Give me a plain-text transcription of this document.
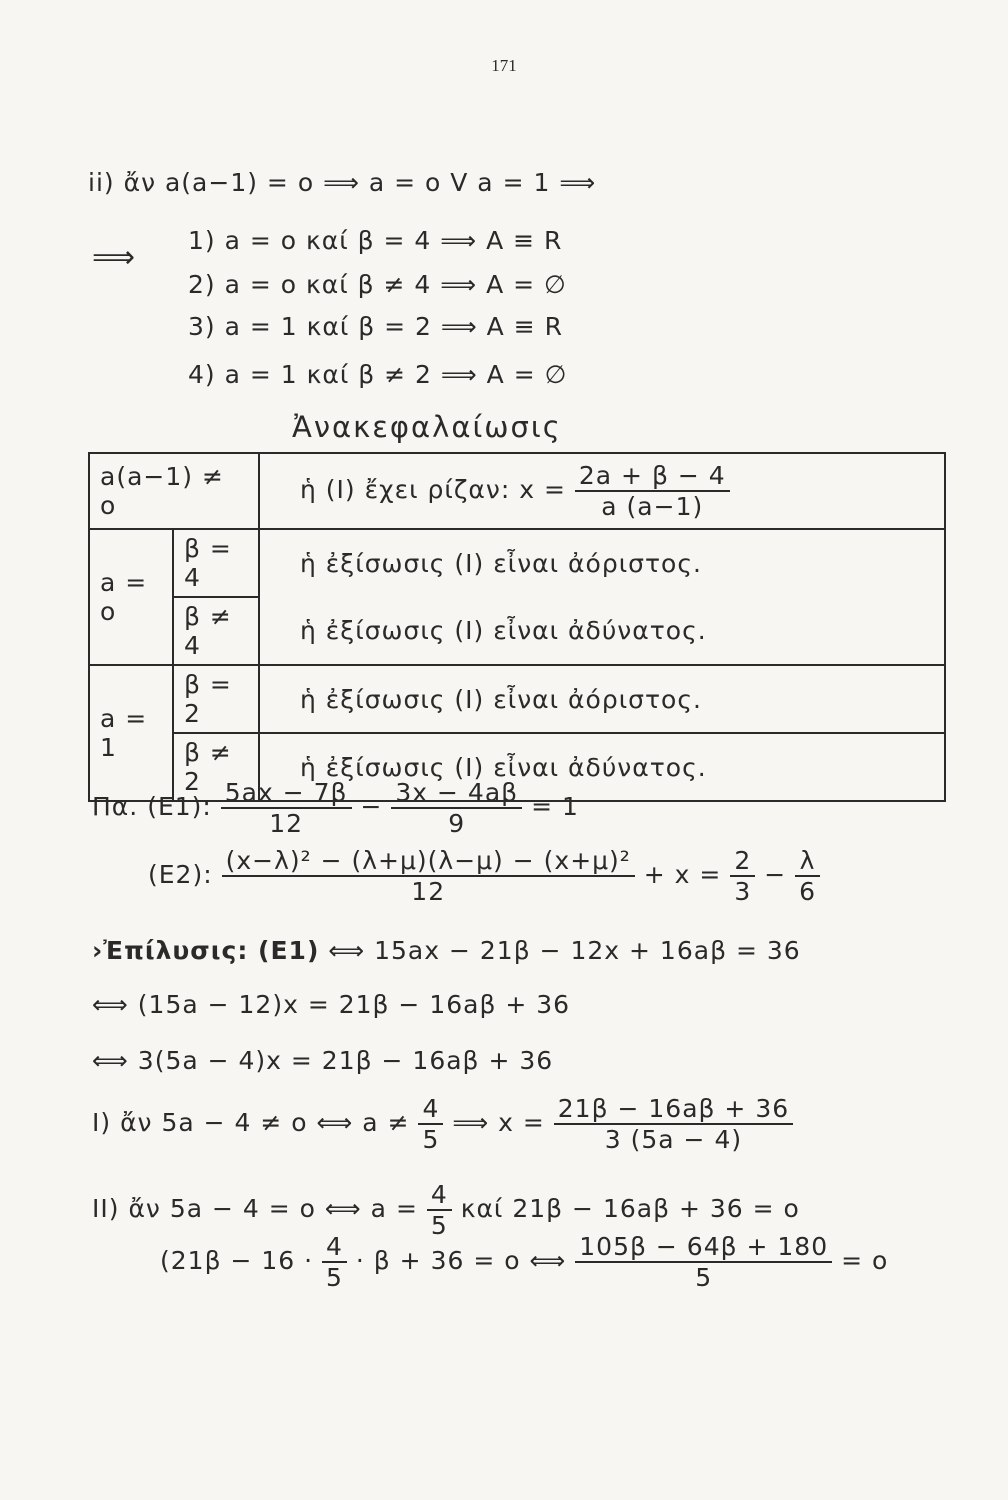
171
ii) ἄν a(a−1) = o ⟹ a = o V a = 1 ⟹
⟹ 1) a = o καί β = 4 ⟹ A ≡ R
2) a = o καί β ≠ 4 ⟹ A = ∅
3) a = 1 καί β = 2 ⟹ A ≡ R
4) a = 1 καί β ≠ 2 ⟹ A = ∅
Ἀνακεφαλαίωσις
a(a−1) ≠ o		ἡ (I) ἔχει ρίζαν: $x = \frac{2a + \beta - 4}{a (a-1)}$

a = o	β = 4	ἡ ἐξίσωσις (I) εἶναι ἀόριστος.
	β ≠ 4	ἡ ἐξίσωσις (I) εἶναι ἀδύνατος.
a = 1	β = 2	ἡ ἐξίσωσις (I) εἶναι ἀόριστος.
	β ≠ 2	ἡ ἐξίσωσις (I) εἶναι ἀδύνατος.
Πα. (E1): $\frac{5ax - 7\beta}{12} - \frac{3x - 4a\beta}{9} = 1$
(E2): $\frac{\text{(x−λ)² − (λ+μ)(λ−μ) − (x+μ)²}}{12} + x = \frac{2}{3} - \frac{\lambda}{6}$
›Ἐπίλυσις: (E1) ⟺ 15ax − 21β − 12x + 16aβ = 36
⟺ (15a − 12)x = 21β − 16aβ + 36
⟺ 3(5a − 4)x = 21β − 16aβ + 36
I) ἄν 5a − 4 ≠ o ⟺ $a \ne \frac{4}{5}$ ⟹ $x = \frac{21\beta - 16a\beta + 36}{3 (5a - 4)}$
II) ἄν 5a − 4 = o ⟺ $a = \frac{4}{5}$ καί 21β − 16aβ + 36 = o
($21\beta - 16 \cdot \frac{4}{5} \cdot \beta + 36 = o$ ⟺ $\frac{105\beta - 64\beta + 180}{5} = o$
